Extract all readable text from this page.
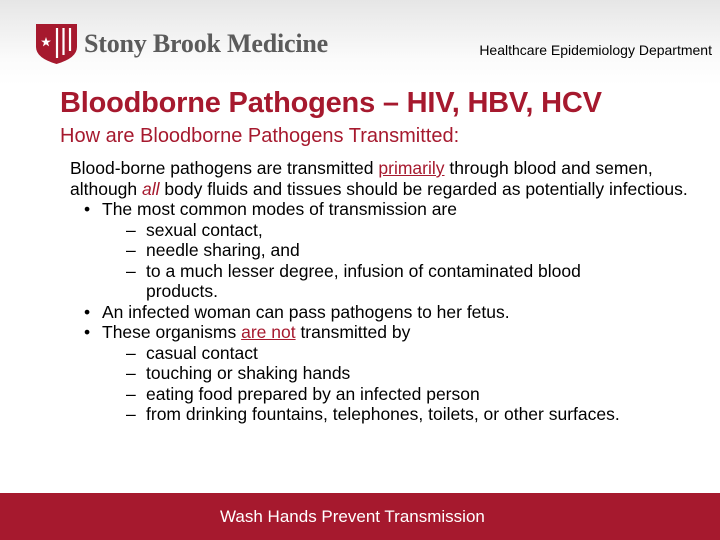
Stony Brook Medicine	Healthcare Epidemiology Department
Bloodborne Pathogens – HIV, HBV, HCV
How are Bloodborne Pathogens Transmitted:

Blood-borne pathogens are transmitted primarily through blood and semen, although all body fluids and tissues should be regarded as potentially infectious.

• The most common modes of transmission are

– sexual contact,

– needle sharing, and

– to a much lesser degree, infusion of contaminated blood

products.

• An infected woman can pass pathogens to her fetus.

• These organisms are not transmitted by

– casual contact

– touching or shaking hands

– eating food prepared by an infected person

– from drinking fountains, telephones, toilets, or other surfaces.

Wash Hands Prevent Transmission
